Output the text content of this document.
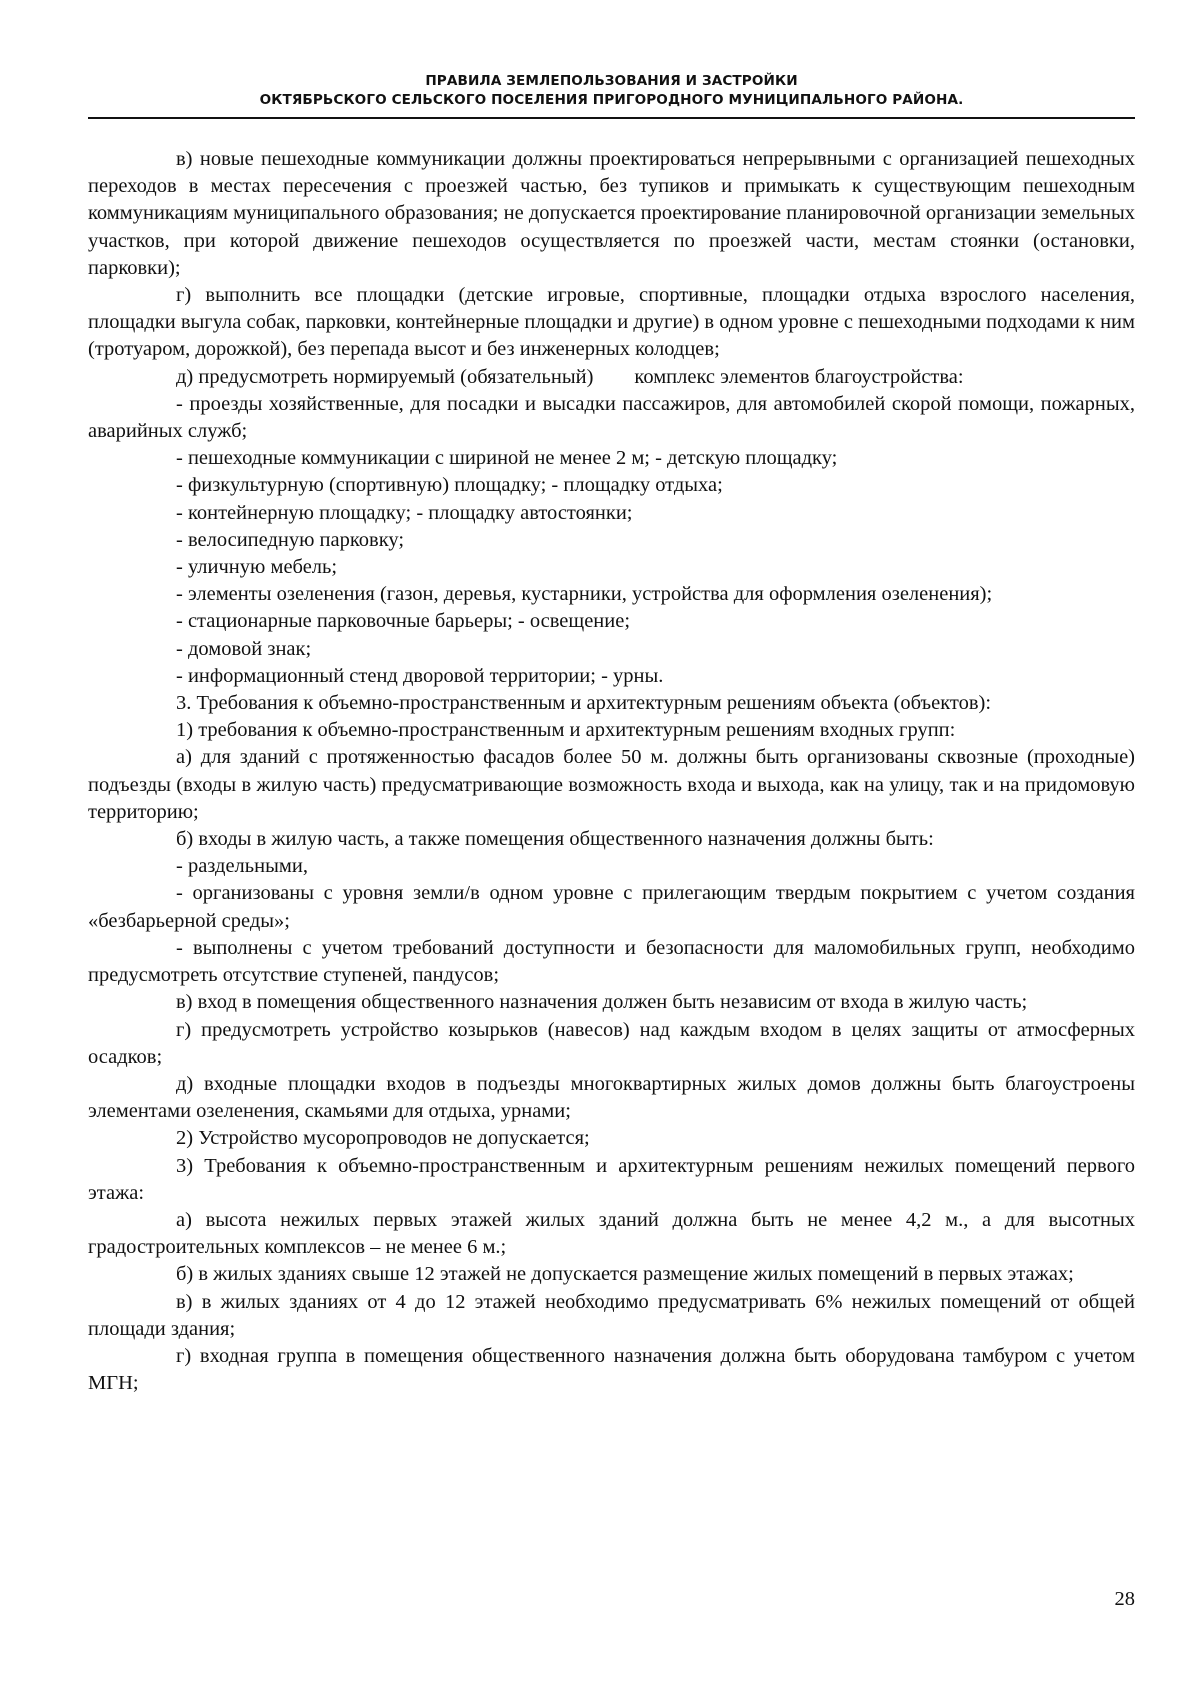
ПРАВИЛА ЗЕМЛЕПОЛЬЗОВАНИЯ И ЗАСТРОЙКИ
ОКТЯБРЬСКОГО СЕЛЬСКОГО ПОСЕЛЕНИЯ ПРИГОРОДНОГО МУНИЦИПАЛЬНОГО РАЙОНА.

в) новые пешеходные коммуникации должны проектироваться непрерывными с организацией пешеходных переходов в местах пересечения с проезжей частью, без тупиков и примыкать к существующим пешеходным коммуникациям муниципального образования; не допускается проектирование планировочной организации земельных участков, при которой движение пешеходов осуществляется по проезжей части, местам стоянки (остановки, парковки);

г) выполнить все площадки (детские игровые, спортивные, площадки отдыха взрослого населения, площадки выгула собак, парковки, контейнерные площадки и другие) в одном уровне с пешеходными подходами к ним (тротуаром, дорожкой), без перепада высот и без инженерных колодцев;

д) предусмотреть нормируемый (обязательный)        комплекс элементов благоустройства:

- проезды хозяйственные, для посадки и высадки пассажиров, для автомобилей скорой помощи, пожарных, аварийных служб;

- пешеходные коммуникации с шириной не менее 2 м; - детскую площадку;

- физкультурную (спортивную) площадку; - площадку отдыха;

- контейнерную площадку; - площадку автостоянки;

- велосипедную парковку;

- уличную мебель;

- элементы озеленения (газон, деревья, кустарники, устройства для оформления озеленения);

- стационарные парковочные барьеры; - освещение;

- домовой знак;

- информационный стенд дворовой территории; - урны.

3. Требования к объемно-пространственным и архитектурным решениям объекта (объектов):

1) требования к объемно-пространственным и архитектурным решениям входных групп:

а) для зданий с протяженностью фасадов более 50 м. должны быть организованы сквозные (проходные) подъезды (входы в жилую часть) предусматривающие возможность входа и выхода, как на улицу, так и на придомовую территорию;

б) входы в жилую часть, а также помещения общественного назначения должны быть:

- раздельными,

- организованы с уровня земли/в одном уровне с прилегающим твердым покрытием с учетом создания «безбарьерной среды»;

- выполнены с учетом требований доступности и безопасности для маломобильных групп, необходимо предусмотреть отсутствие ступеней, пандусов;

в) вход в помещения общественного назначения должен быть независим от входа в жилую часть;

г) предусмотреть устройство козырьков (навесов) над каждым входом в целях защиты от атмосферных осадков;

д) входные площадки входов в подъезды многоквартирных жилых домов должны быть благоустроены элементами озеленения, скамьями для отдыха, урнами;

2) Устройство мусоропроводов не допускается;

3) Требования к объемно-пространственным и архитектурным решениям нежилых помещений первого этажа:

а) высота нежилых первых этажей жилых зданий должна быть не менее 4,2 м., а для высотных градостроительных комплексов – не менее 6 м.;

б) в жилых зданиях свыше 12 этажей не допускается размещение жилых помещений в первых этажах;

в) в жилых зданиях от 4 до 12 этажей необходимо предусматривать 6% нежилых помещений от общей площади здания;

г) входная группа в помещения общественного назначения должна быть оборудована тамбуром с учетом МГН;

28
